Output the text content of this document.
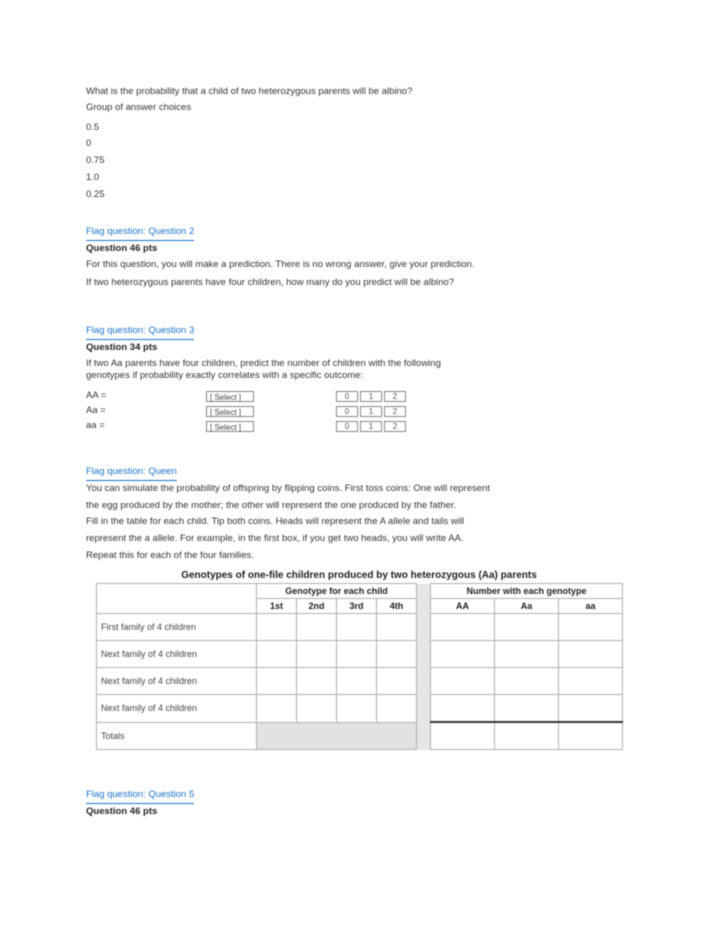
What is the probability that a child of two heterozygous parents will be albino?

Group of answer choices

0.5

0

0.75

1.0

0.25

Flag question: Question 2

Question 46 pts

For this question, you will make a prediction. There is no wrong answer, give your prediction.

If two heterozygous parents have four children, how many do you predict will be albino?

Flag question: Question 3

Question 34 pts

If two Aa parents have four children, predict the number of children with the following

genotypes if probability exactly correlates with a specific outcome:

AA =	[ Select ]	0	1	2
Aa =	[ Select ]	0	1	2
aa =	[ Select ]	0	1	2
Flag question: Queen

You can simulate the probability of offspring by flipping coins. First toss coins: One will represent

the egg produced by the mother; the other will represent the one produced by the father.

Fill in the table for each child. Tip both coins. Heads will represent the A allele and tails will

represent the a allele. For example, in the first box, if you get two heads, you will write AA.

Repeat this for each of the four families.

Genotypes of one-file children produced by two heterozygous (Aa) parents
	Genotype for each child					Number with each genotype		
	1st	2nd	3rd	4th		AA	Aa	aa
First family of 4 children								
Next family of 4 children								
Next family of 4 children								
Next family of 4 children								
Totals								
Flag question: Question 5

Question 46 pts
